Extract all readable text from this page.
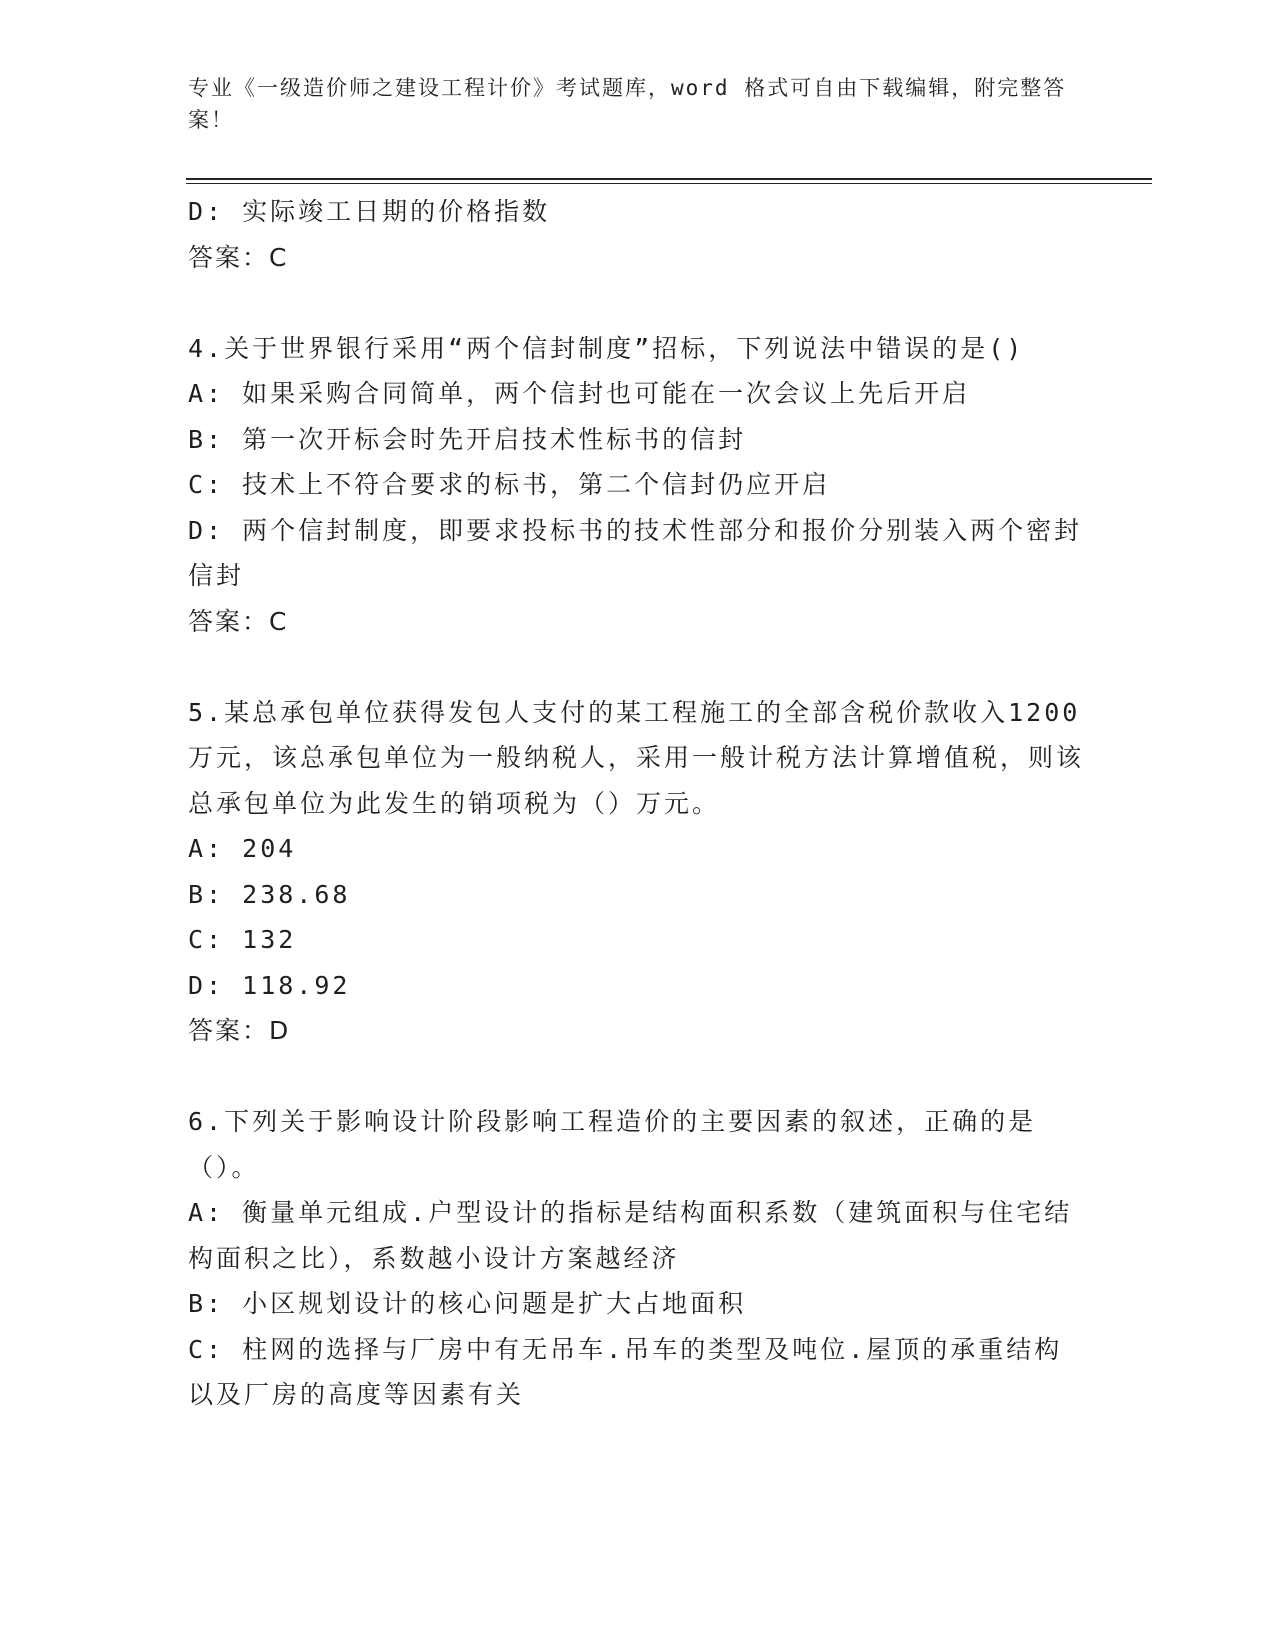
专业《一级造价师之建设工程计价》考试题库，word 格式可自由下载编辑，附完整答案！
D: 实际竣工日期的价格指数
答案：C
4.关于世界银行采用“两个信封制度”招标，下列说法中错误的是()
A: 如果采购合同简单，两个信封也可能在一次会议上先后开启
B: 第一次开标会时先开启技术性标书的信封
C: 技术上不符合要求的标书，第二个信封仍应开启
D: 两个信封制度，即要求投标书的技术性部分和报价分别装入两个密封信封
答案：C
5.某总承包单位获得发包人支付的某工程施工的全部含税价款收入1200 万元，该总承包单位为一般纳税人，采用一般计税方法计算增值税，则该总承包单位为此发生的销项税为（）万元。
A: 204
B: 238.68
C: 132
D: 118.92
答案：D
6.下列关于影响设计阶段影响工程造价的主要因素的叙述，正确的是（）。
A: 衡量单元组成.户型设计的指标是结构面积系数（建筑面积与住宅结构面积之比），系数越小设计方案越经济
B: 小区规划设计的核心问题是扩大占地面积
C: 柱网的选择与厂房中有无吊车.吊车的类型及吨位.屋顶的承重结构以及厂房的高度等因素有关
